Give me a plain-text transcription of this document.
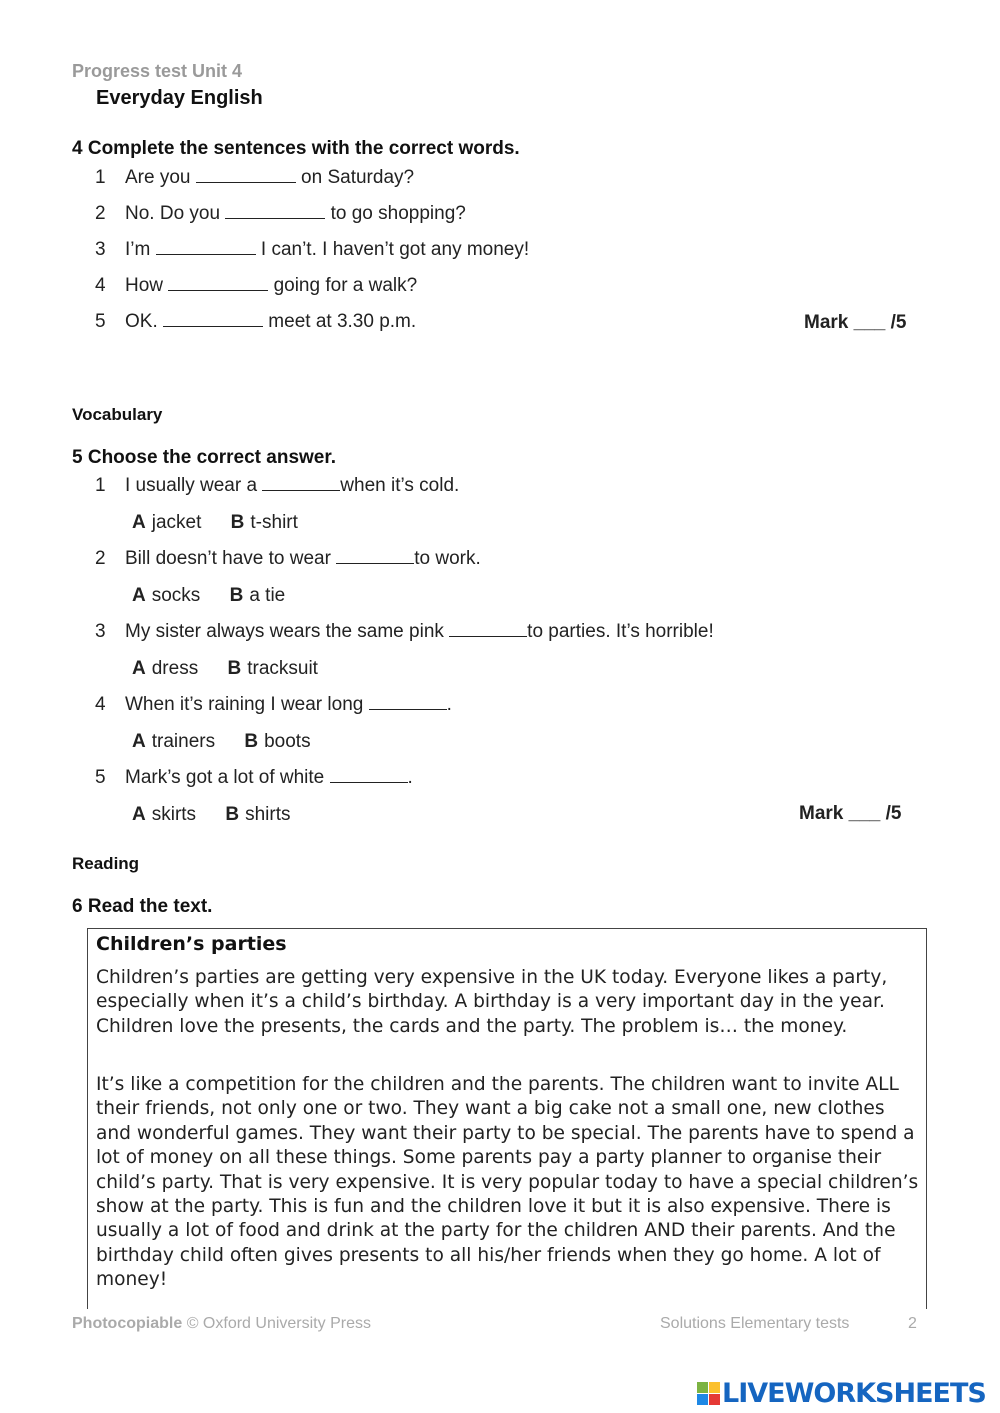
Progress test Unit 4
Everyday English
4 Complete the sentences with the correct words.
Mark ___ /5
Vocabulary
5 Choose the correct answer.
Mark ___ /5
Reading
6 Read the text.
Children’s parties

Children’s parties are getting very expensive in the UK today. Everyone likes a party, especially when it’s a child’s birthday. A birthday is a very important day in the year. Children love the presents, the cards and the party. The problem is… the money.

It’s like a competition for the children and the parents. The children want to invite ALL their friends, not only one or two. They want a big cake not a small one, new clothes and wonderful games. They want their party to be special. The parents have to spend a lot of money on all these things. Some parents pay a party planner to organise their child’s party. That is very expensive. It is very popular today to have a special children’s show at the party. This is fun and the children love it but it is also expensive. There is usually a lot of food and drink at the party for the children AND their parents. And the birthday child often gives presents to all his/her friends when they go home. A lot of money!

Photocopiable © Oxford University Press	Solutions Elementary tests	2
LIVEWORKSHEETS
1 Are you	on Saturday?
2 No. Do you	to go shopping?
3 I’m	I can’t. I haven’t got any money!
4 How	going for a walk?
5 OK.	meet at 3.30 p.m.
1 I usually wear a	when it’s cold.
A jacket B t-shirt
2 Bill doesn’t have to wear	to work.
A socks B a tie
3 My sister always wears the same pink	to parties. It’s horrible!
A dress B tracksuit
4 When it’s raining I wear long	.
A trainers B boots
5 Mark’s got a lot of white	.
A skirts B shirts
